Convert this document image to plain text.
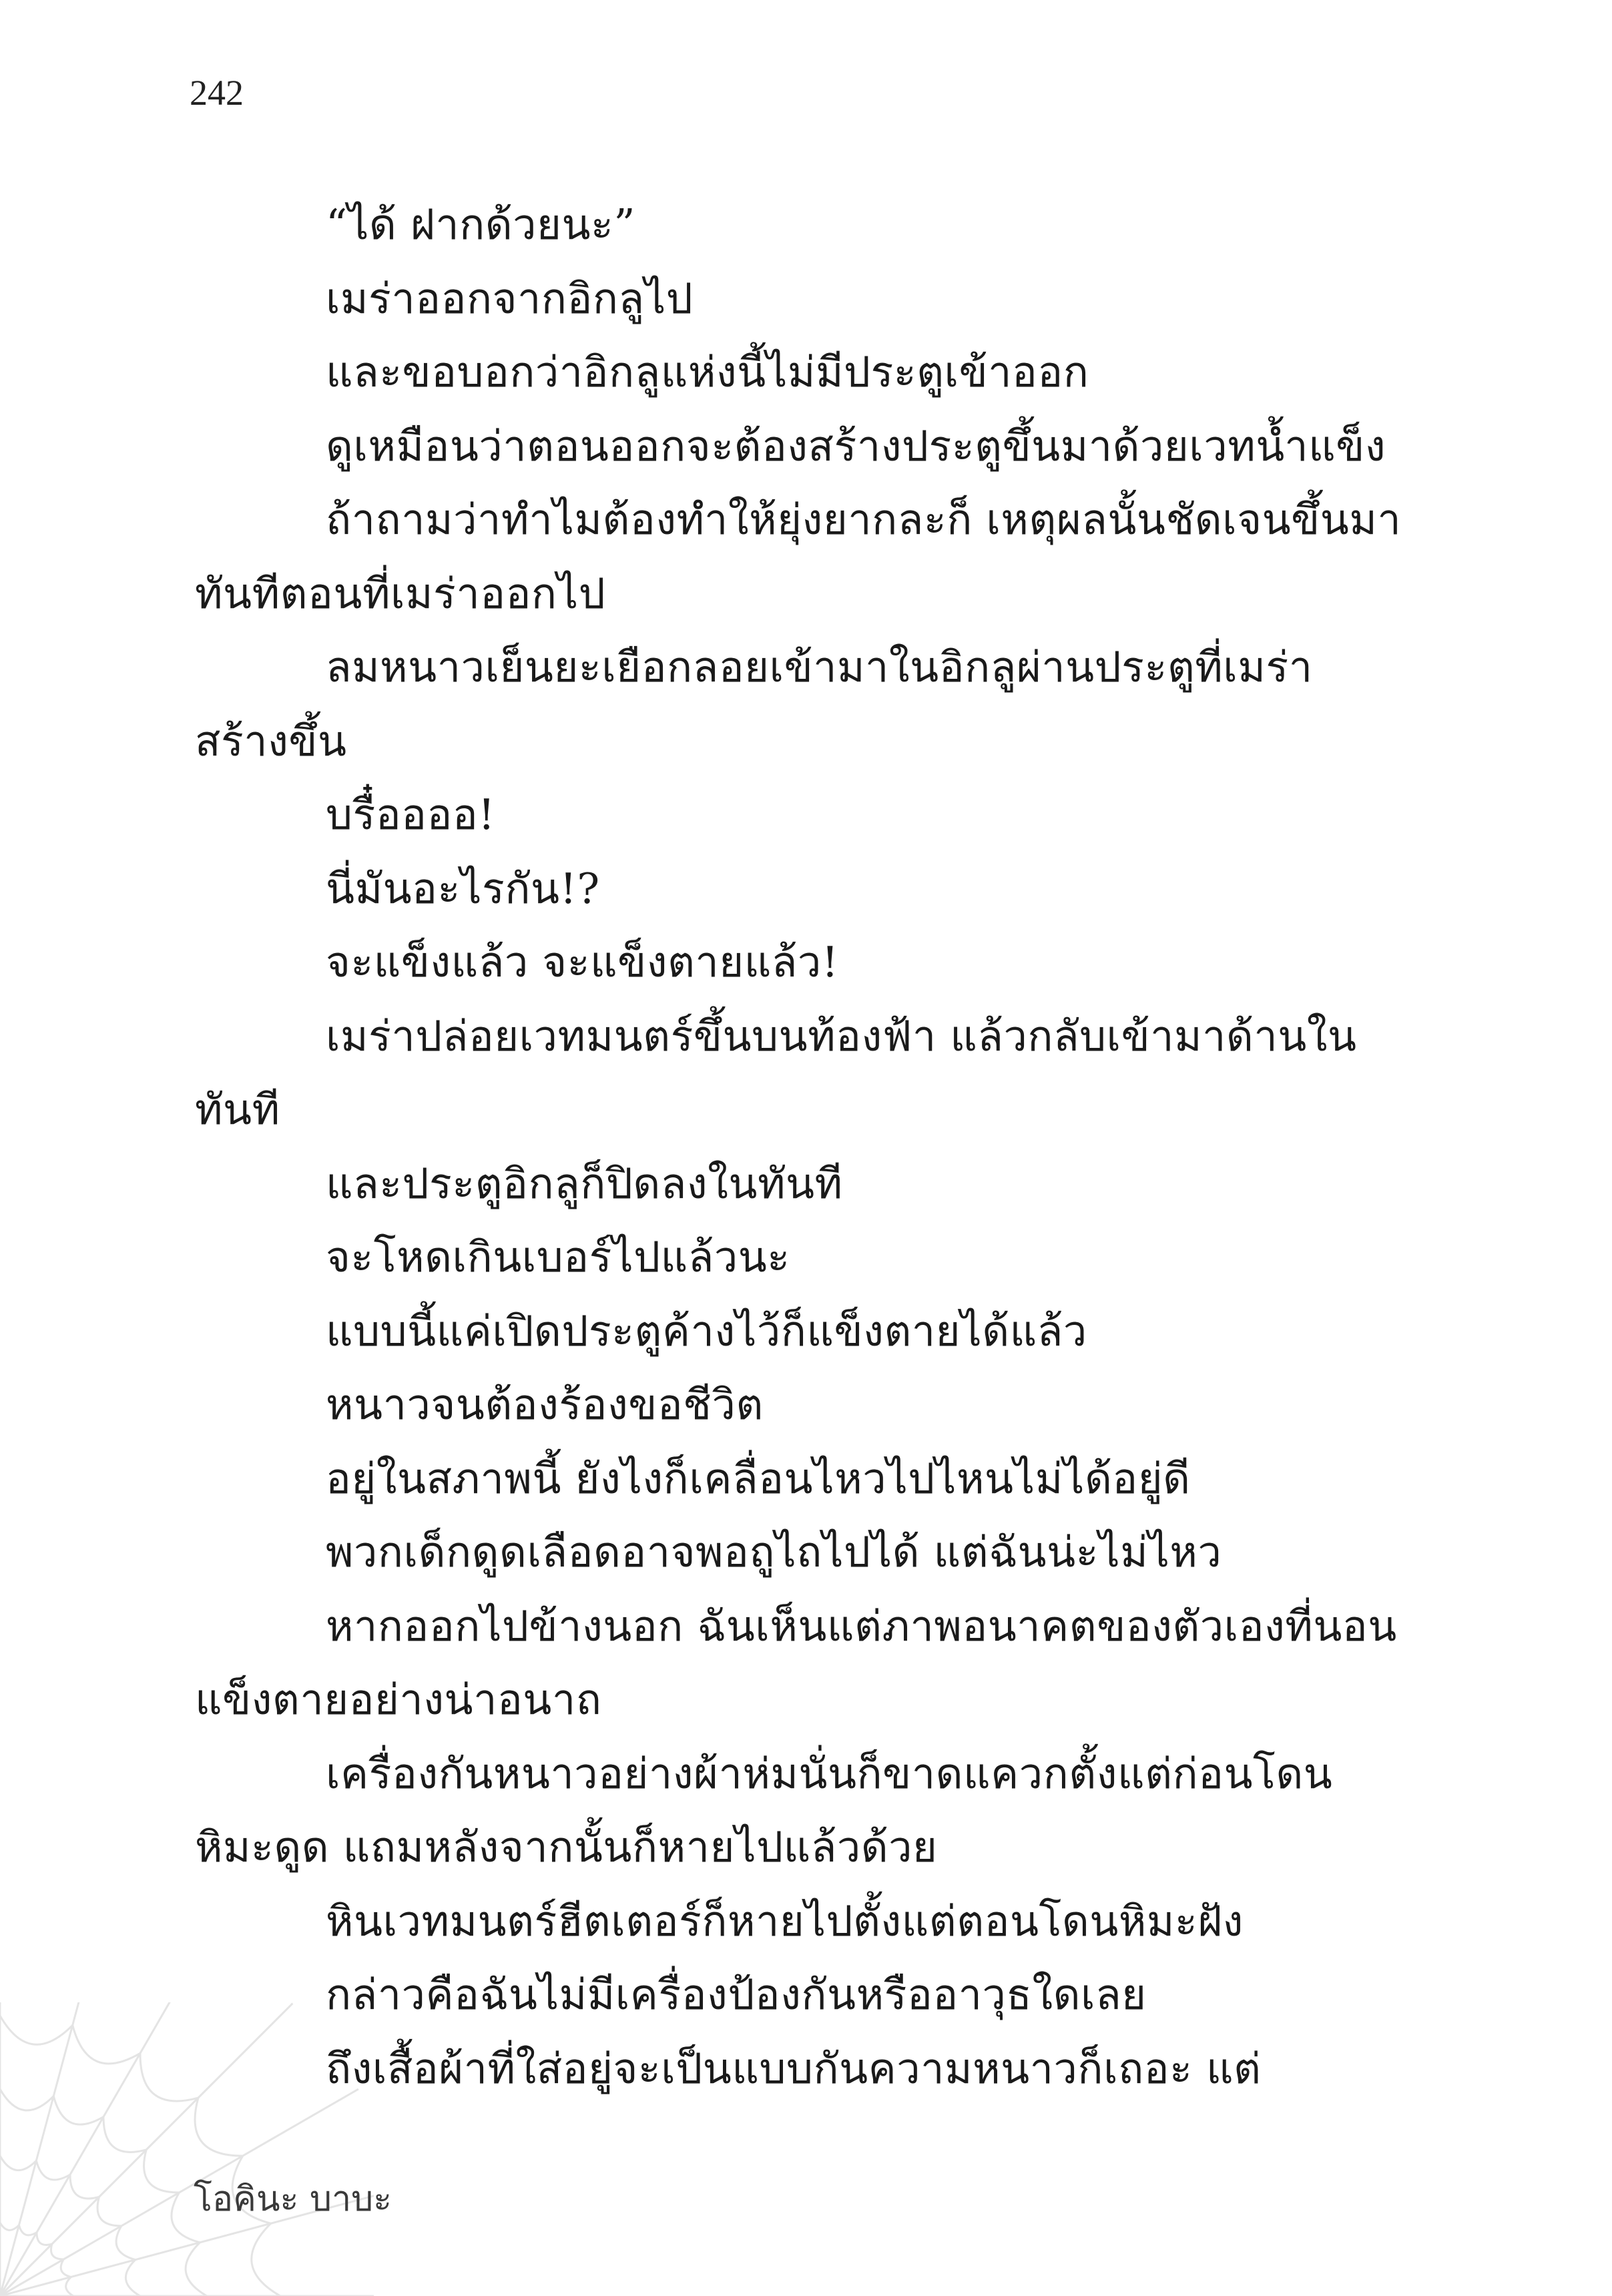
242
“ได้ ฝากด้วยนะ”
เมร่าออกจากอิกลูไป
และขอบอกว่าอิกลูแห่งนี้ไม่มีประตูเข้าออก
ดูเหมือนว่าตอนออกจะต้องสร้างประตูขึ้นมาด้วยเวทน้ำแข็ง
ถ้าถามว่าทำไมต้องทำให้ยุ่งยากละก็ เหตุผลนั้นชัดเจนขึ้นมา
ทันทีตอนที่เมร่าออกไป
ลมหนาวเย็นยะเยือกลอยเข้ามาในอิกลูผ่านประตูที่เมร่า
สร้างขึ้น
บรื๋ออออ!
นี่มันอะไรกัน!?
จะแข็งแล้ว จะแข็งตายแล้ว!
เมร่าปล่อยเวทมนตร์ขึ้นบนท้องฟ้า แล้วกลับเข้ามาด้านใน
ทันที
และประตูอิกลูก็ปิดลงในทันที
จะโหดเกินเบอร์ไปแล้วนะ
แบบนี้แค่เปิดประตูค้างไว้ก็แข็งตายได้แล้ว
หนาวจนต้องร้องขอชีวิต
อยู่ในสภาพนี้ ยังไงก็เคลื่อนไหวไปไหนไม่ได้อยู่ดี
พวกเด็กดูดเลือดอาจพอถูไถไปได้ แต่ฉันน่ะไม่ไหว
หากออกไปข้างนอก ฉันเห็นแต่ภาพอนาคตของตัวเองที่นอน
แข็งตายอย่างน่าอนาถ
เครื่องกันหนาวอย่างผ้าห่มนั่นก็ขาดแควกตั้งแต่ก่อนโดน
หิมะดูด แถมหลังจากนั้นก็หายไปแล้วด้วย
หินเวทมนตร์ฮีตเตอร์ก็หายไปตั้งแต่ตอนโดนหิมะฝัง
กล่าวคือฉันไม่มีเครื่องป้องกันหรืออาวุธใดเลย
ถึงเสื้อผ้าที่ใส่อยู่จะเป็นแบบกันความหนาวก็เถอะ แต่
โอคินะ บาบะ
